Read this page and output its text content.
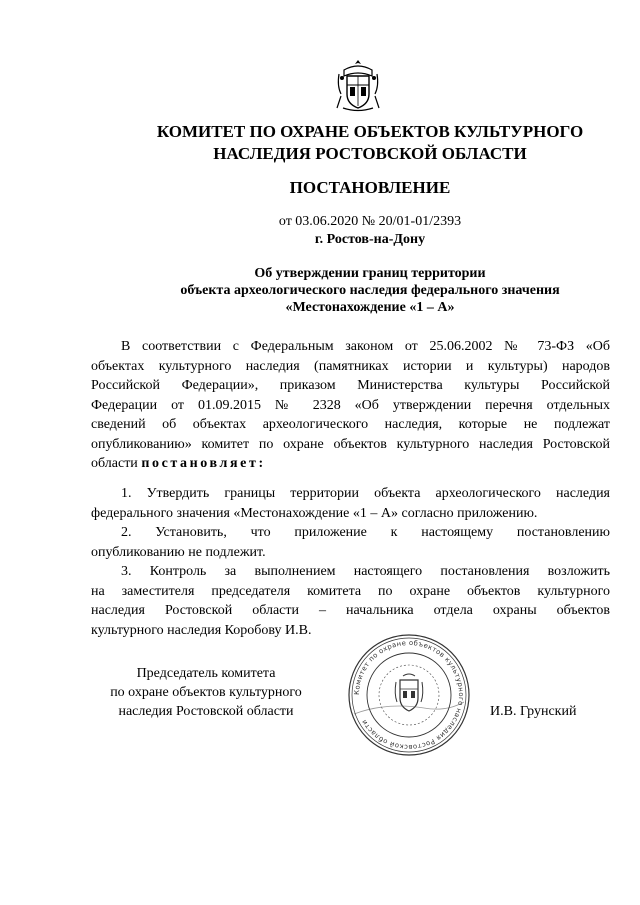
КОМИТЕТ ПО ОХРАНЕ ОБЪЕКТОВ КУЛЬТУРНОГО
НАСЛЕДИЯ РОСТОВСКОЙ ОБЛАСТИ
ПОСТАНОВЛЕНИЕ
от 03.06.2020 № 20/01-01/2393
г. Ростов-на-Дону
Об утверждении границ территории
объекта археологического наследия федерального значения
«Местонахождение «1 – А»
В соответствии с Федеральным законом от 25.06.2002 № 73-ФЗ «Об
объектах культурного наследия (памятниках истории и культуры) народов
Российской Федерации», приказом Министерства культуры Российской
Федерации от 01.09.2015 № 2328 «Об утверждении перечня отдельных
сведений об объектах археологического наследия, которые не подлежат
опубликованию» комитет по охране объектов культурного наследия Ростовской
области постановляет:
1. Утвердить границы территории объекта археологического наследия
федерального значения «Местонахождение «1 – А» согласно приложению.
2. Установить, что приложение к настоящему постановлению
опубликованию не подлежит.
3. Контроль за выполнением настоящего постановления возложить
на заместителя председателя комитета по охране объектов культурного
наследия Ростовской области – начальника отдела охраны объектов
культурного наследия Коробову И.В.
Председатель комитета
по охране объектов культурного
наследия Ростовской области
Комитет по охране объектов культурного наследия Ростовской области
И.В. Грунский
